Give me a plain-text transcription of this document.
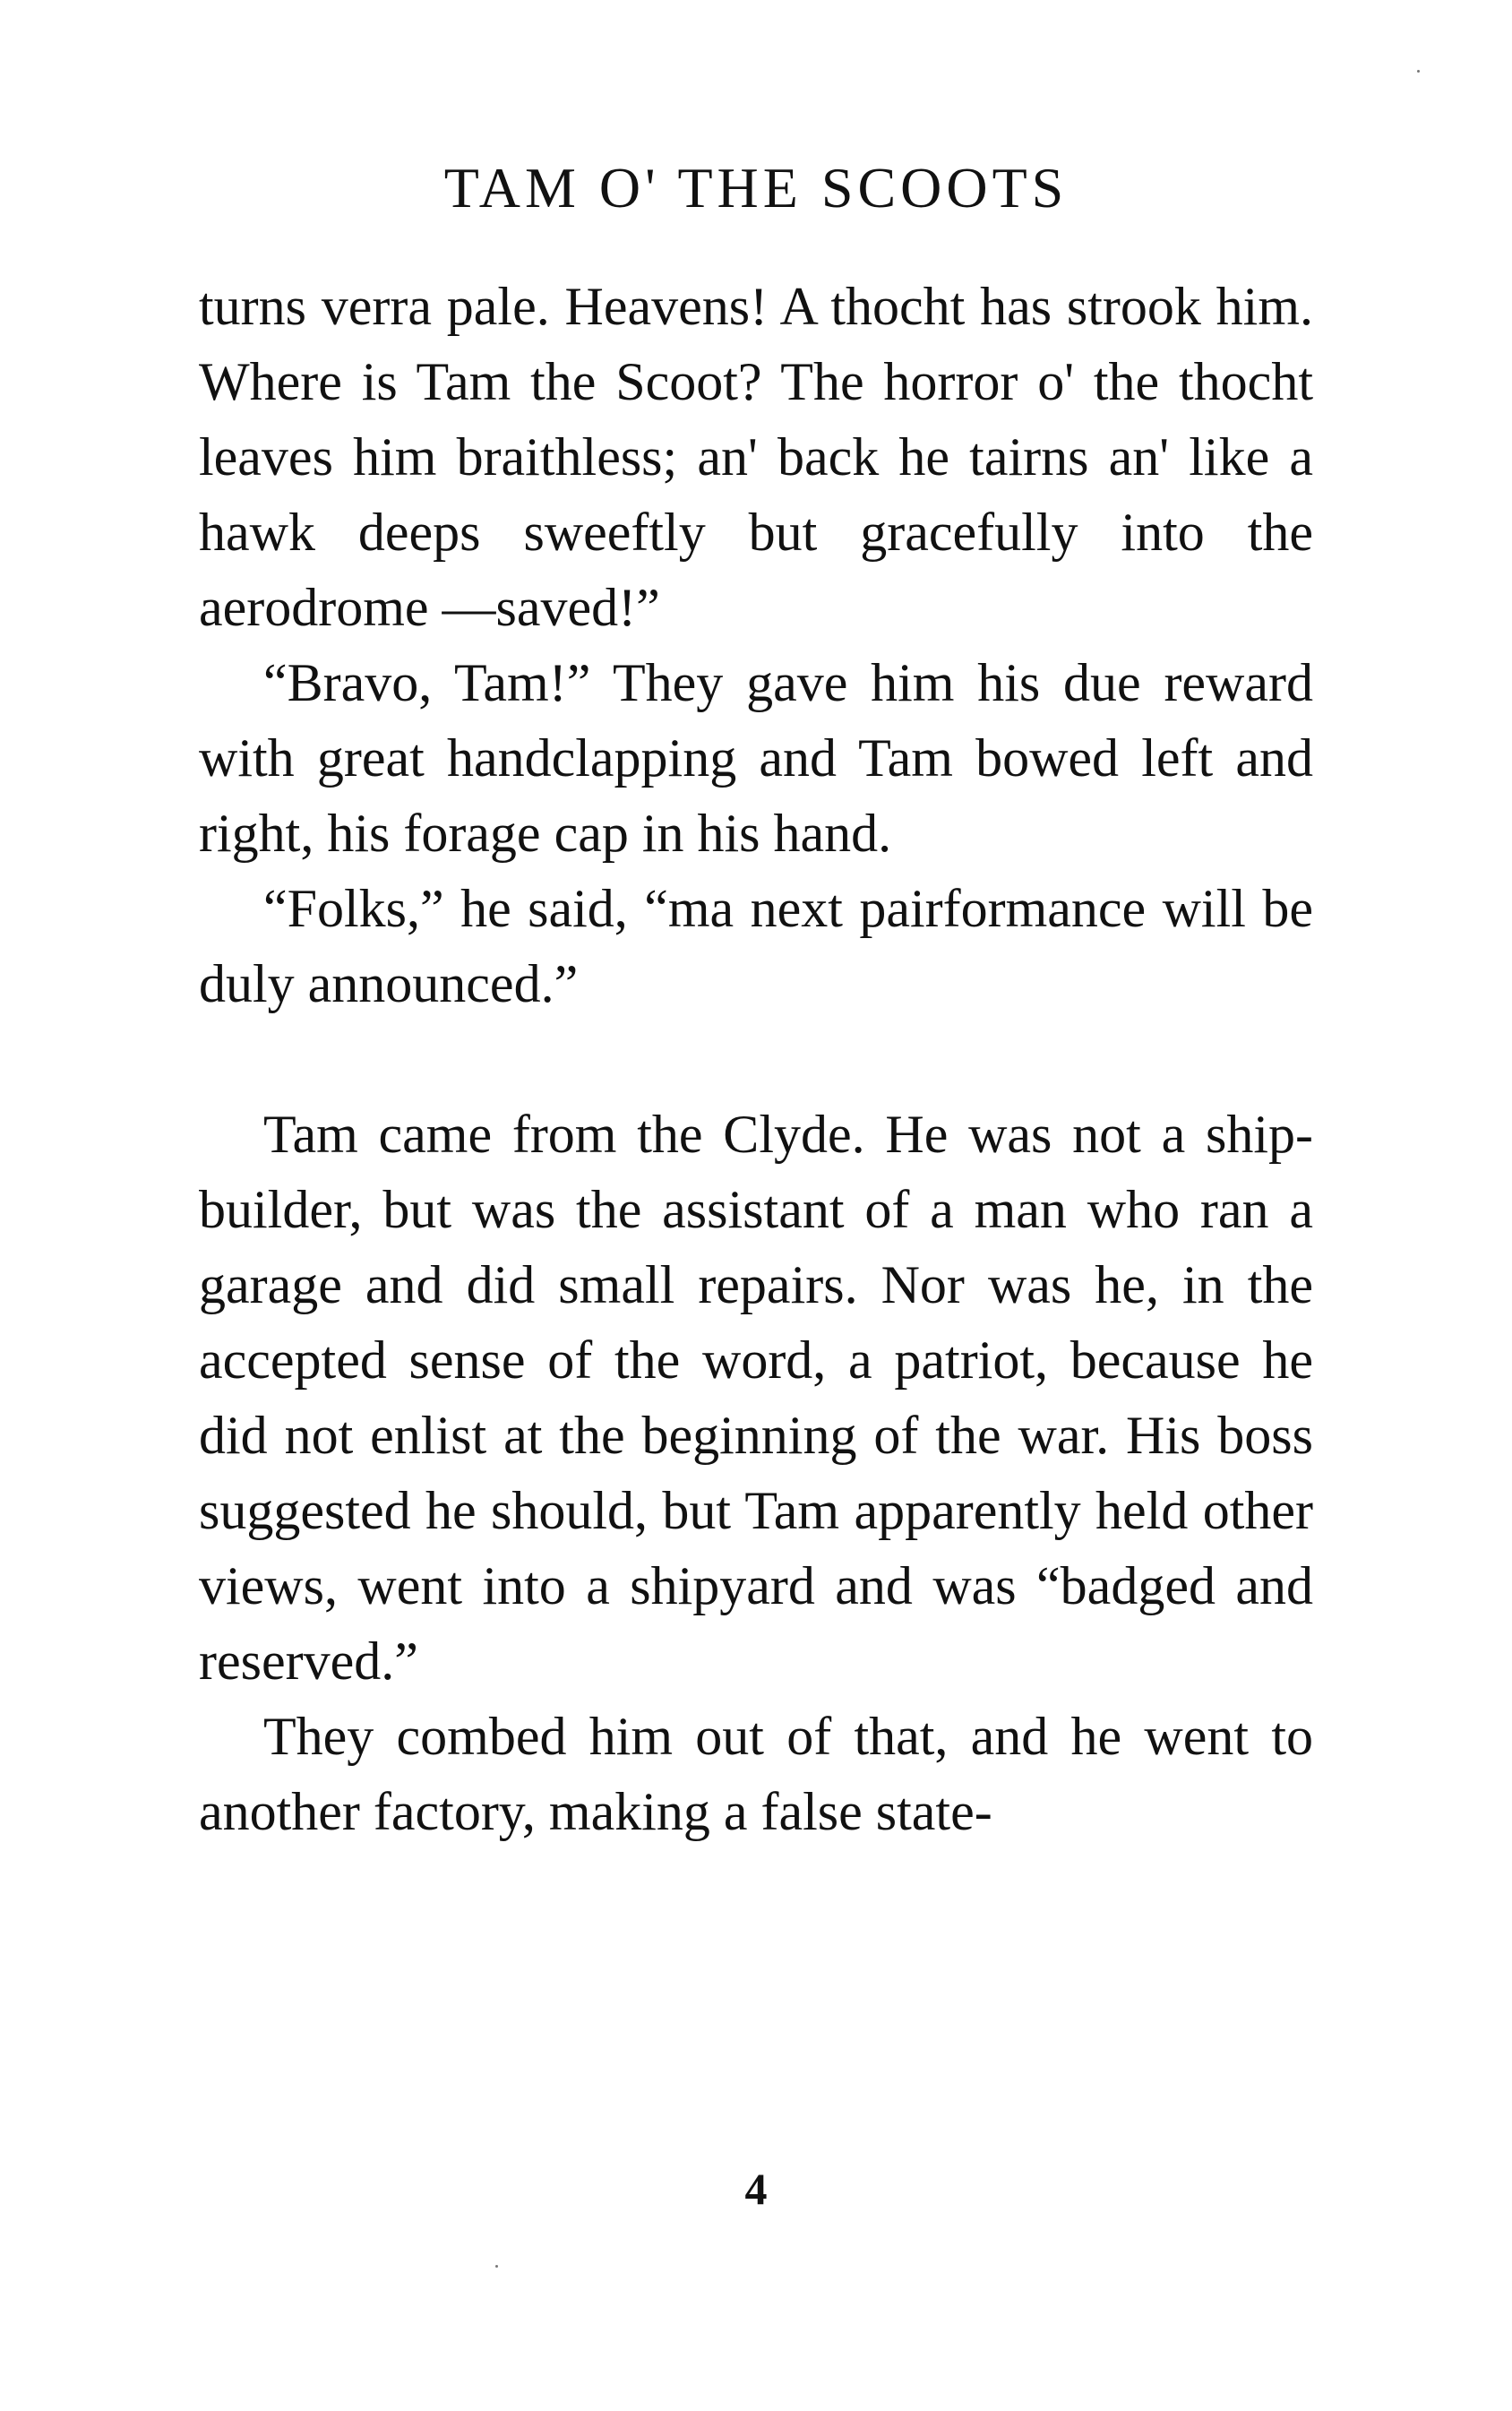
TAM O' THE SCOOTS

turns verra pale. Heavens! A thocht has strook him. Where is Tam the Scoot? The horror o' the thocht leaves him braithless; an' back he tairns an' like a hawk deeps sweeftly but gracefully into the aerodrome —saved!”

“Bravo, Tam!” They gave him his due reward with great handclapping and Tam bowed left and right, his forage cap in his hand.

“Folks,” he said, “ma next pairformance will be duly announced.”

Tam came from the Clyde. He was not a ship-builder, but was the assistant of a man who ran a garage and did small repairs. Nor was he, in the accepted sense of the word, a patriot, because he did not enlist at the beginning of the war. His boss suggested he should, but Tam apparently held other views, went into a shipyard and was “badged and reserved.”

They combed him out of that, and he went to another factory, making a false state-

4
